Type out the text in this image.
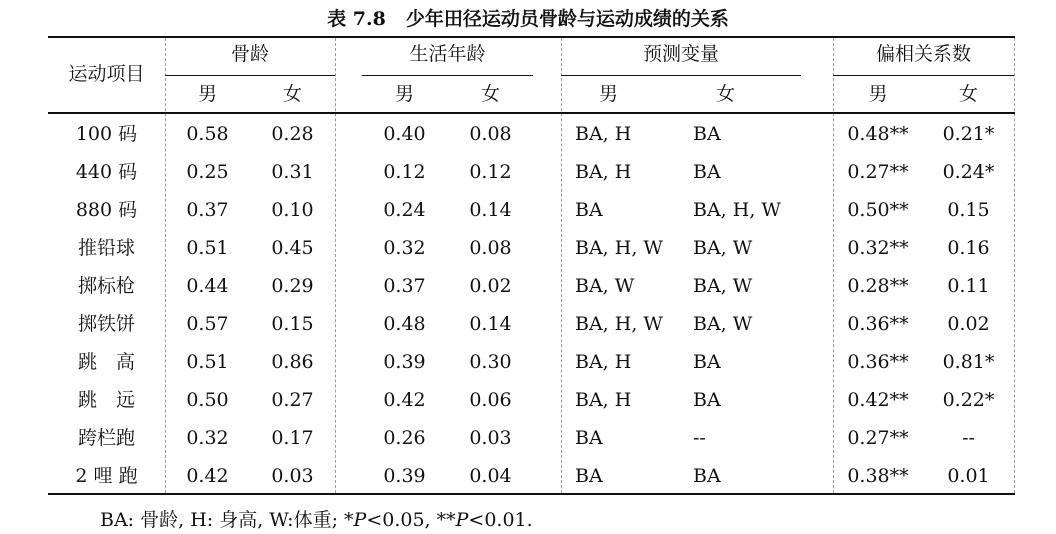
表 7.8 少年田径运动员骨龄与运动成绩的关系
运动项目
骨龄	生活年龄	预测变量	偏相关系数
男	女	男	女	男	女	男	女
100 码	0.58	0.28	0.40	0.08	BA, H	BA	0.48**	0.21*
440 码	0.25	0.31	0.12	0.12	BA, H	BA	0.27**	0.24*
880 码	0.37	0.10	0.24	0.14	BA	BA, H, W	0.50**	0.15
推铅球	0.51	0.45	0.32	0.08	BA, H, W	BA, W	0.32**	0.16
掷标枪	0.44	0.29	0.37	0.02	BA, W	BA, W	0.28**	0.11
掷铁饼	0.57	0.15	0.48	0.14	BA, H, W	BA, W	0.36**	0.02
跳　高	0.51	0.86	0.39	0.30	BA, H	BA	0.36**	0.81*
跳　远	0.50	0.27	0.42	0.06	BA, H	BA	0.42**	0.22*
跨栏跑	0.32	0.17	0.26	0.03	BA	--	0.27**	--
2 哩 跑	0.42	0.03	0.39	0.04	BA	BA	0.38**	0.01
BA: 骨龄, H: 身高, W:体重; *P<0.05, **P<0.01.
